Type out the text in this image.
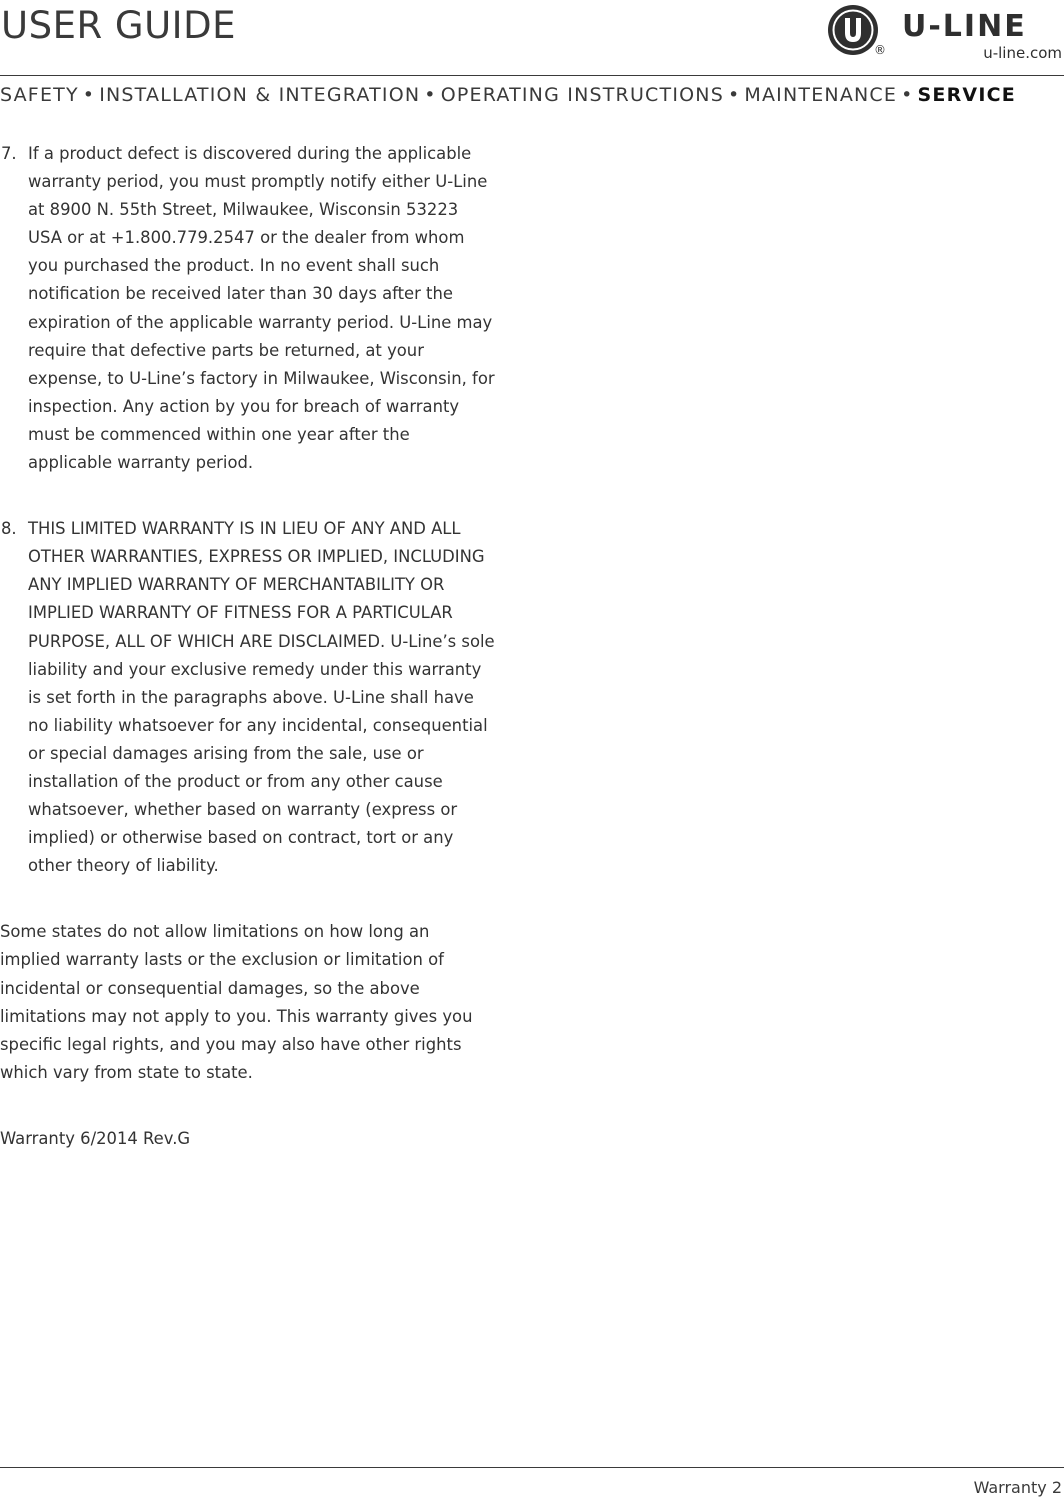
USER GUIDE
®
U-LINE
u-line.com
SAFETY • INSTALLATION & INTEGRATION • OPERATING INSTRUCTIONS • MAINTENANCE • SERVICE
7. If a product defect is discovered during the applicable warranty period, you must promptly notify either U-Line at 8900 N. 55th Street, Milwaukee, Wisconsin 53223 USA or at +1.800.779.2547 or the dealer from whom you purchased the product. In no event shall such notification be received later than 30 days after the expiration of the applicable warranty period. U-Line may require that defective parts be returned, at your expense, to U-Line’s factory in Milwaukee, Wisconsin, for inspection. Any action by you for breach of warranty must be commenced within one year after the applicable warranty period.
8. THIS LIMITED WARRANTY IS IN LIEU OF ANY AND ALL OTHER WARRANTIES, EXPRESS OR IMPLIED, INCLUDING ANY IMPLIED WARRANTY OF MERCHANTABILITY OR IMPLIED WARRANTY OF FITNESS FOR A PARTICULAR PURPOSE, ALL OF WHICH ARE DISCLAIMED. U-Line’s sole liability and your exclusive remedy under this warranty is set forth in the paragraphs above. U-Line shall have no liability whatsoever for any incidental, consequential or special damages arising from the sale, use or installation of the product or from any other cause whatsoever, whether based on warranty (express or implied) or otherwise based on contract, tort or any other theory of liability.

Some states do not allow limitations on how long an implied warranty lasts or the exclusion or limitation of incidental or consequential damages, so the above limitations may not apply to you. This warranty gives you specific legal rights, and you may also have other rights which vary from state to state.

Warranty 6/2014 Rev.G

Warranty 2
